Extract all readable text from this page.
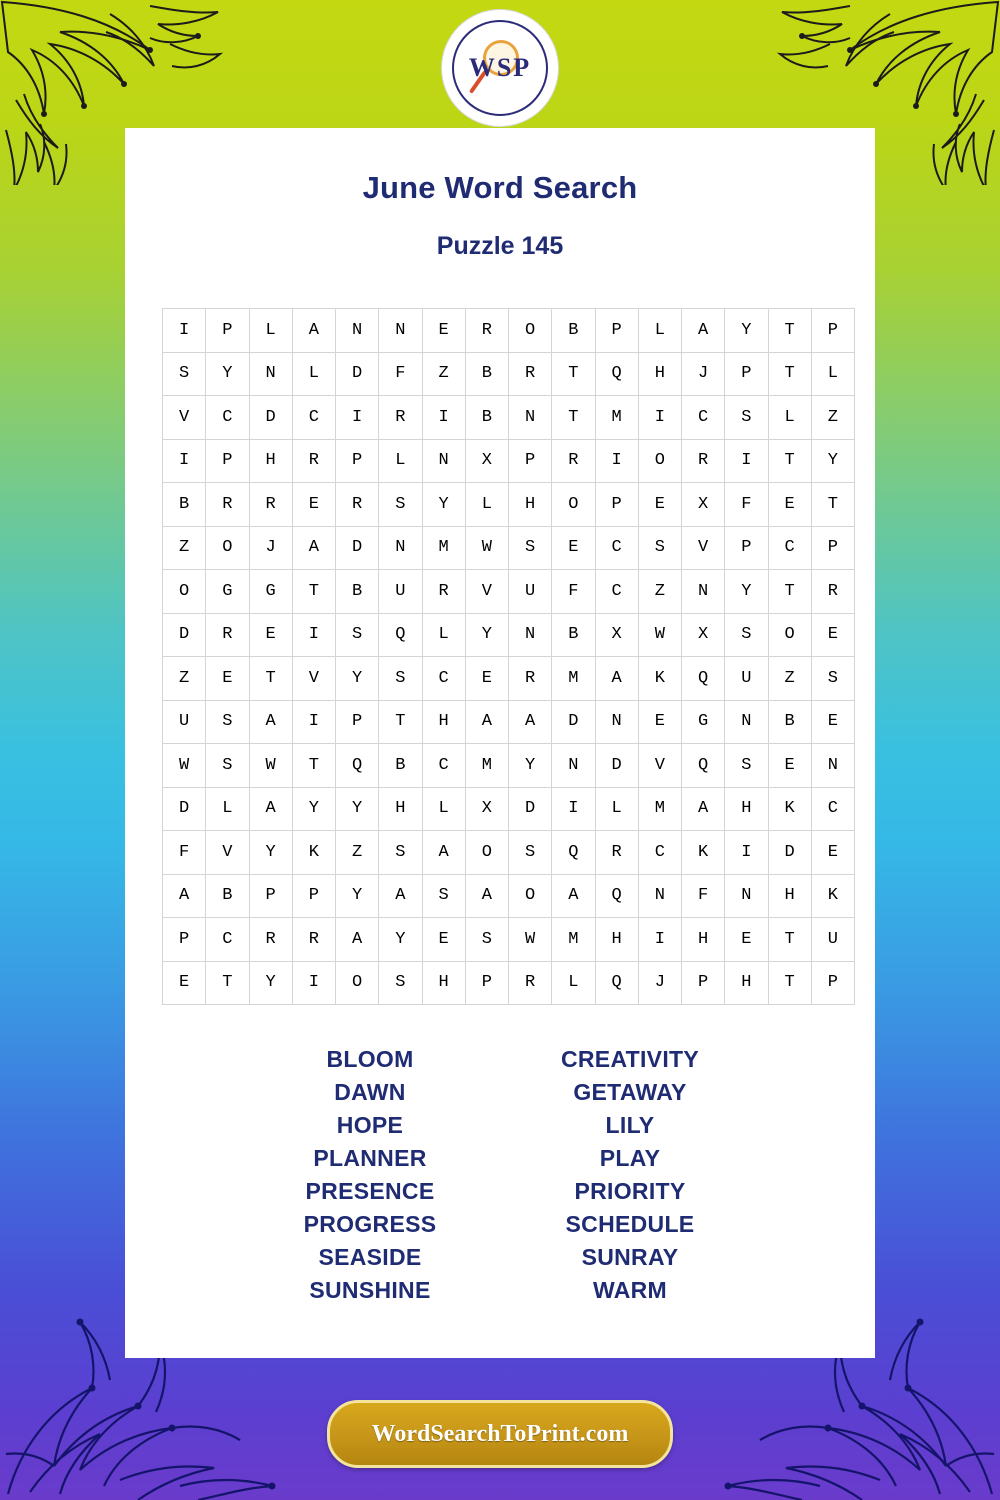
WSP
June Word Search
Puzzle 145
I	P	L	A	N	N	E	R	O	B	P	L	A	Y	T	P
S	Y	N	L	D	F	Z	B	R	T	Q	H	J	P	T	L
V	C	D	C	I	R	I	B	N	T	M	I	C	S	L	Z
I	P	H	R	P	L	N	X	P	R	I	O	R	I	T	Y
B	R	R	E	R	S	Y	L	H	O	P	E	X	F	E	T
Z	O	J	A	D	N	M	W	S	E	C	S	V	P	C	P
O	G	G	T	B	U	R	V	U	F	C	Z	N	Y	T	R
D	R	E	I	S	Q	L	Y	N	B	X	W	X	S	O	E
Z	E	T	V	Y	S	C	E	R	M	A	K	Q	U	Z	S
U	S	A	I	P	T	H	A	A	D	N	E	G	N	B	E
W	S	W	T	Q	B	C	M	Y	N	D	V	Q	S	E	N
D	L	A	Y	Y	H	L	X	D	I	L	M	A	H	K	C
F	V	Y	K	Z	S	A	O	S	Q	R	C	K	I	D	E
A	B	P	P	Y	A	S	A	O	A	Q	N	F	N	H	K
P	C	R	R	A	Y	E	S	W	M	H	I	H	E	T	U
E	T	Y	I	O	S	H	P	R	L	Q	J	P	H	T	P
BLOOM
DAWN
HOPE
PLANNER
PRESENCE
PROGRESS
SEASIDE
SUNSHINE
CREATIVITY
GETAWAY
LILY
PLAY
PRIORITY
SCHEDULE
SUNRAY
WARM
WordSearchToPrint.com
